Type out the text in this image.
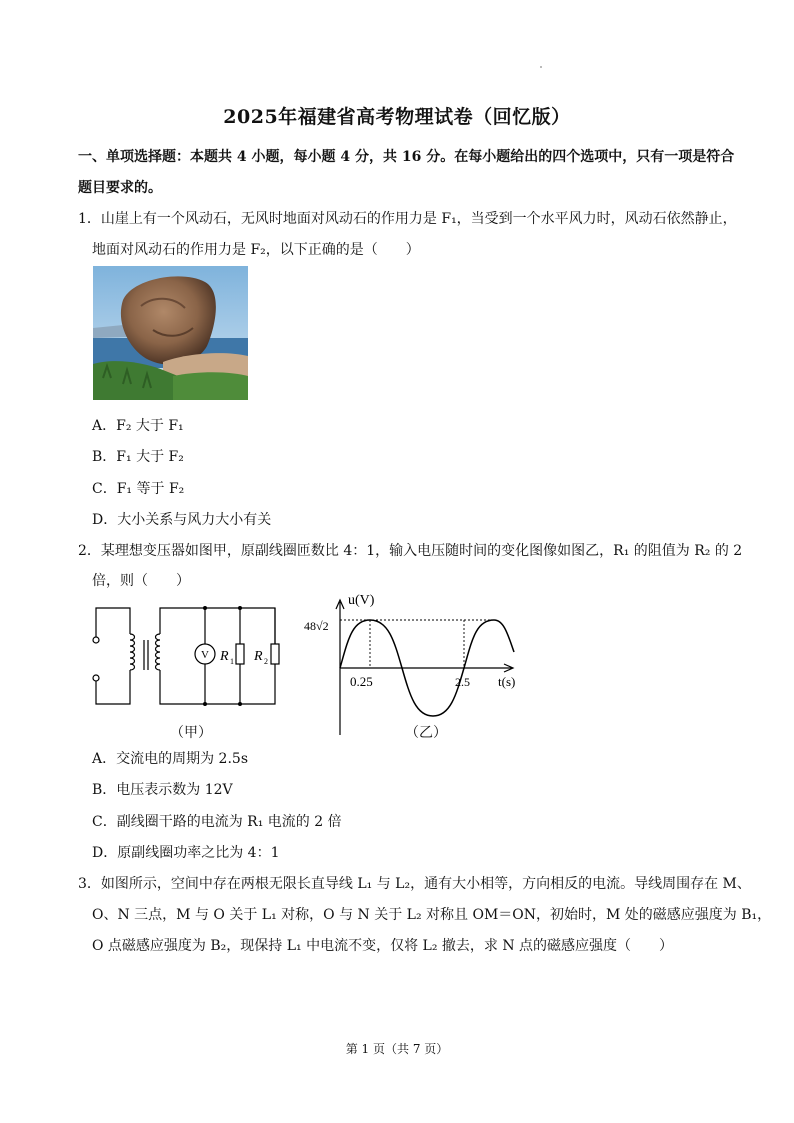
2025年福建省高考物理试卷（回忆版）
一、单项选择题：本题共 4 小题，每小题 4 分，共 16 分。在每小题给出的四个选项中，只有一项是符合
题目要求的。
1．山崖上有一个风动石，无风时地面对风动石的作用力是 F₁，当受到一个水平风力时，风动石依然静止，
地面对风动石的作用力是 F₂，以下正确的是（　　）
A．F₂ 大于 F₁
B．F₁ 大于 F₂
C．F₁ 等于 F₂
D．大小关系与风力大小有关
2．某理想变压器如图甲，原副线圈匝数比 4：1，输入电压随时间的变化图像如图乙，R₁ 的阻值为 R₂ 的 2
倍，则（　　）
V R 1 R 2
（甲）
u(V)
48√2
0.25	2.5 t(s)
（乙）
A．交流电的周期为 2.5s
B．电压表示数为 12V
C．副线圈干路的电流为 R₁ 电流的 2 倍
D．原副线圈功率之比为 4：1
3．如图所示，空间中存在两根无限长直导线 L₁ 与 L₂，通有大小相等，方向相反的电流。导线周围存在 M、
O、N 三点，M 与 O 关于 L₁ 对称，O 与 N 关于 L₂ 对称且 OM＝ON，初始时，M 处的磁感应强度为 B₁，
O 点磁感应强度为 B₂，现保持 L₁ 中电流不变，仅将 L₂ 撤去，求 N 点的磁感应强度（　　）
第 1 页（共 7 页）
